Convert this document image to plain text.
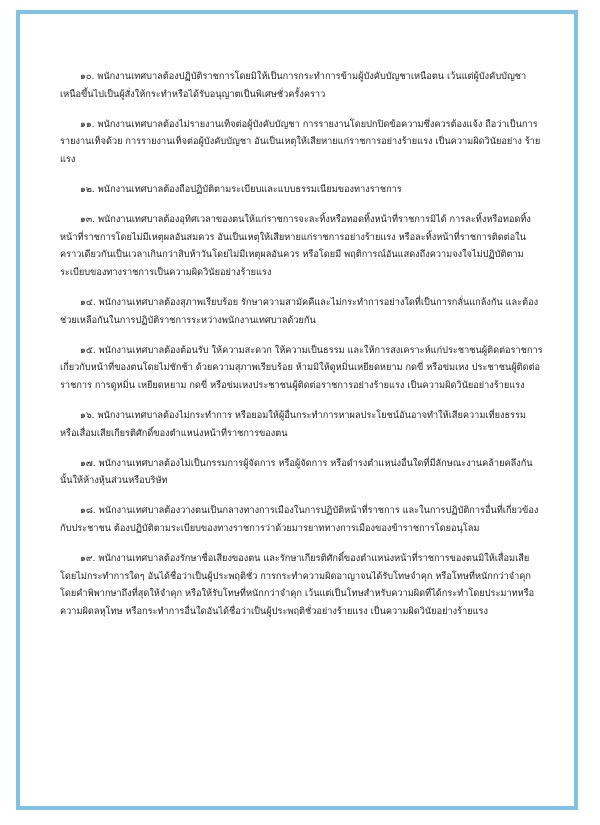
๑๐. พนักงานเทศบาลต้องปฏิบัติราชการโดยมิให้เป็นการกระทำการข้ามผู้บังคับบัญชาเหนือตน เว้นแต่ผู้บังคับบัญชาเหนือขึ้นไปเป็นผู้สั่งให้กระทำหรือได้รับอนุญาตเป็นพิเศษชั่วครั้งคราว

๑๑. พนักงานเทศบาลต้องไม่รายงานเท็จต่อผู้บังคับบัญชา การรายงานโดยปกปิดข้อความซึ่งควรต้องแจ้ง ถือว่าเป็นการรายงานเท็จด้วย การรายงานเท็จต่อผู้บังคับบัญชา อันเป็นเหตุให้เสียหายแก่ราชการอย่างร้ายแรง เป็นความผิดวินัยอย่าง ร้ายแรง

๑๒. พนักงานเทศบาลต้องถือปฏิบัติตามระเบียบและแบบธรรมเนียมของทางราชการ

๑๓. พนักงานเทศบาลต้องอุทิศเวลาของตนให้แก่ราชการจะละทิ้งหรือทอดทิ้งหน้าที่ราชการมิได้ การละทิ้งหรือทอดทิ้งหน้าที่ราชการโดยไม่มีเหตุผลอันสมควร อันเป็นเหตุให้เสียหายแก่ราชการอย่างร้ายแรง หรือละทิ้งหน้าที่ราชการติดต่อในคราวเดียวกันเป็นเวลาเกินกว่าสิบห้าวันโดยไม่มีเหตุผลอันควร หรือโดยมี พฤติการณ์อันแสดงถึงความจงใจไม่ปฏิบัติตามระเบียบของทางราชการเป็นความผิดวินัยอย่างร้ายแรง

๑๔. พนักงานเทศบาลต้องสุภาพเรียบร้อย รักษาความสามัคคีและไม่กระทำการอย่างใดที่เป็นการกลั่นแกล้งกัน และต้องช่วยเหลือกันในการปฏิบัติราชการระหว่างพนักงานเทศบาลด้วยกัน

๑๕. พนักงานเทศบาลต้องต้อนรับ ให้ความสะดวก ให้ความเป็นธรรม และให้การสงเคราะห์แก่ประชาชนผู้ติดต่อราชการเกี่ยวกับหน้าที่ของตนโดยไม่ชักช้า ด้วยความสุภาพเรียบร้อย ห้ามมิให้ดูหมิ่นเหยียดหยาม กดขี่ หรือข่มเหง ประชาชนผู้ติดต่อราชการ การดูหมิ่น เหยียดหยาม กดขี่ หรือข่มเหงประชาชนผู้ติดต่อราชการอย่างร้ายแรง เป็นความผิดวินัยอย่างร้ายแรง

๑๖. พนักงานเทศบาลต้องไม่กระทำการ หรือยอมให้ผู้อื่นกระทำการหาผลประโยชน์อันอาจทำให้เสียความเที่ยงธรรม หรือเสื่อมเสียเกียรติศักดิ์ของตำแหน่งหน้าที่ราชการของตน

๑๗. พนักงานเทศบาลต้องไม่เป็นกรรมการผู้จัดการ หรือผู้จัดการ หรือดำรงตำแหน่งอื่นใดที่มีลักษณะงานคล้ายคลึงกันนั้นให้ห้างหุ้นส่วนหรือบริษัท

๑๘. พนักงานเทศบาลต้องวางตนเป็นกลางทางการเมืองในการปฏิบัติหน้าที่ราชการ และในการปฏิบัติการอื่นที่เกี่ยวข้องกับประชาชน ต้องปฏิบัติตามระเบียบของทางราชการว่าด้วยมารยาททางการเมืองของข้าราชการโดยอนุโลม

๑๙. พนักงานเทศบาลต้องรักษาชื่อเสียงของตน และรักษาเกียรติศักดิ์ของตำแหน่งหน้าที่ราชการของตนมิให้เสื่อมเสีย โดยไม่กระทำการใดๆ อันได้ชื่อว่าเป็นผู้ประพฤติชั่ว การกระทำความผิดอาญาจนได้รับโทษจำคุก หรือโทษที่หนักกว่าจำคุกโดยคำพิพากษาถึงที่สุดให้จำคุก หรือให้รับโทษที่หนักกว่าจำคุก เว้นแต่เป็นโทษสำหรับความผิดที่ได้กระทำโดยประมาทหรือความผิดลหุโทษ หรือกระทำการอื่นใดอันได้ชื่อว่าเป็นผู้ประพฤติชั่วอย่างร้ายแรง เป็นความผิดวินัยอย่างร้ายแรง
